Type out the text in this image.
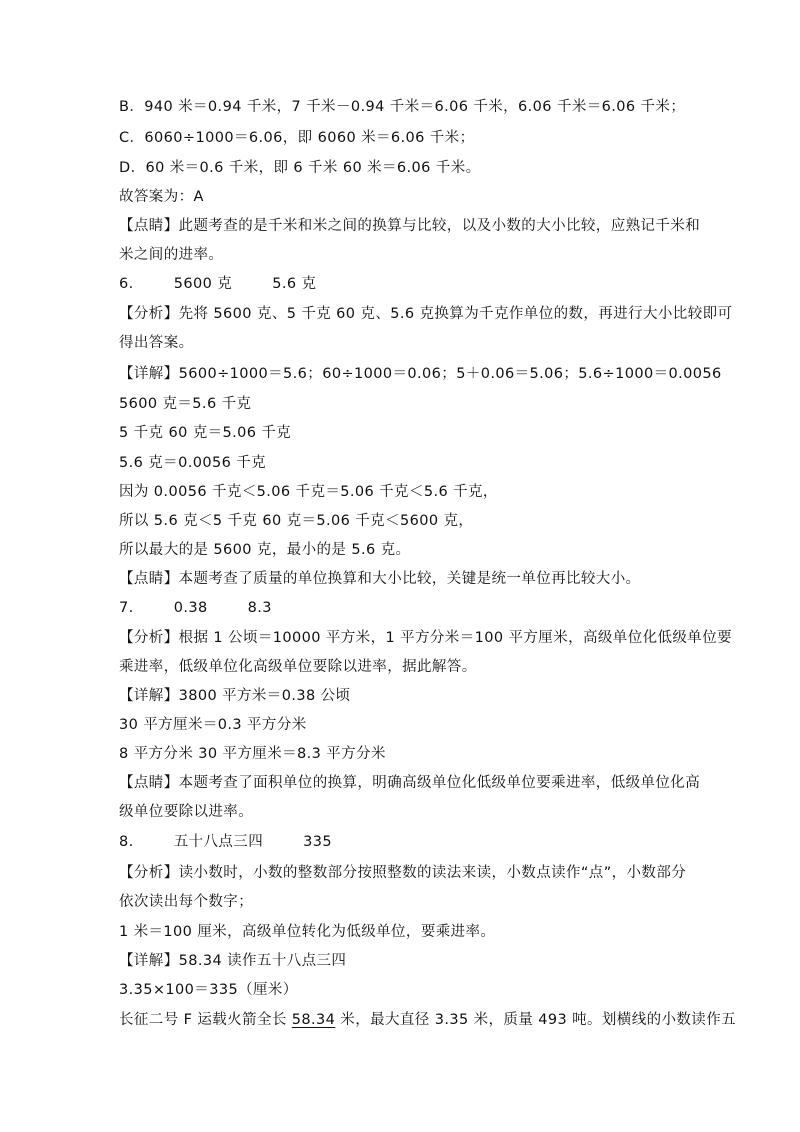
B．940 米＝0.94 千米，7 千米－0.94 千米＝6.06 千米，6.06 千米＝6.06 千米；
C．6060÷1000＝6.06，即 6060 米＝6.06 千米；
D．60 米＝0.6 千米，即 6 千米 60 米＝6.06 千米。
故答案为：A
【点睛】此题考查的是千米和米之间的换算与比较，以及小数的大小比较，应熟记千米和
米之间的进率。
6.        5600 克        5.6 克
【分析】先将 5600 克、5 千克 60 克、5.6 克换算为千克作单位的数，再进行大小比较即可
得出答案。
【详解】5600÷1000＝5.6；60÷1000＝0.06；5＋0.06＝5.06；5.6÷1000＝0.0056
5600 克＝5.6 千克
5 千克 60 克＝5.06 千克
5.6 克＝0.0056 千克
因为 0.0056 千克＜5.06 千克＝5.06 千克＜5.6 千克，
所以 5.6 克＜5 千克 60 克＝5.06 千克＜5600 克，
所以最大的是 5600 克，最小的是 5.6 克。
【点睛】本题考查了质量的单位换算和大小比较，关键是统一单位再比较大小。
7.        0.38        8.3
【分析】根据 1 公顷＝10000 平方米，1 平方分米＝100 平方厘米，高级单位化低级单位要
乘进率，低级单位化高级单位要除以进率，据此解答。
【详解】3800 平方米＝0.38 公顷
30 平方厘米＝0.3 平方分米
8 平方分米 30 平方厘米＝8.3 平方分米
【点睛】本题考查了面积单位的换算，明确高级单位化低级单位要乘进率，低级单位化高
级单位要除以进率。
8.        五十八点三四        335
【分析】读小数时，小数的整数部分按照整数的读法来读，小数点读作“点”，小数部分
依次读出每个数字；
1 米＝100 厘米，高级单位转化为低级单位，要乘进率。
【详解】58.34 读作五十八点三四
3.35×100＝335（厘米）
长征二号 F 运载火箭全长 58.34 米，最大直径 3.35 米，质量 493 吨。划横线的小数读作五
